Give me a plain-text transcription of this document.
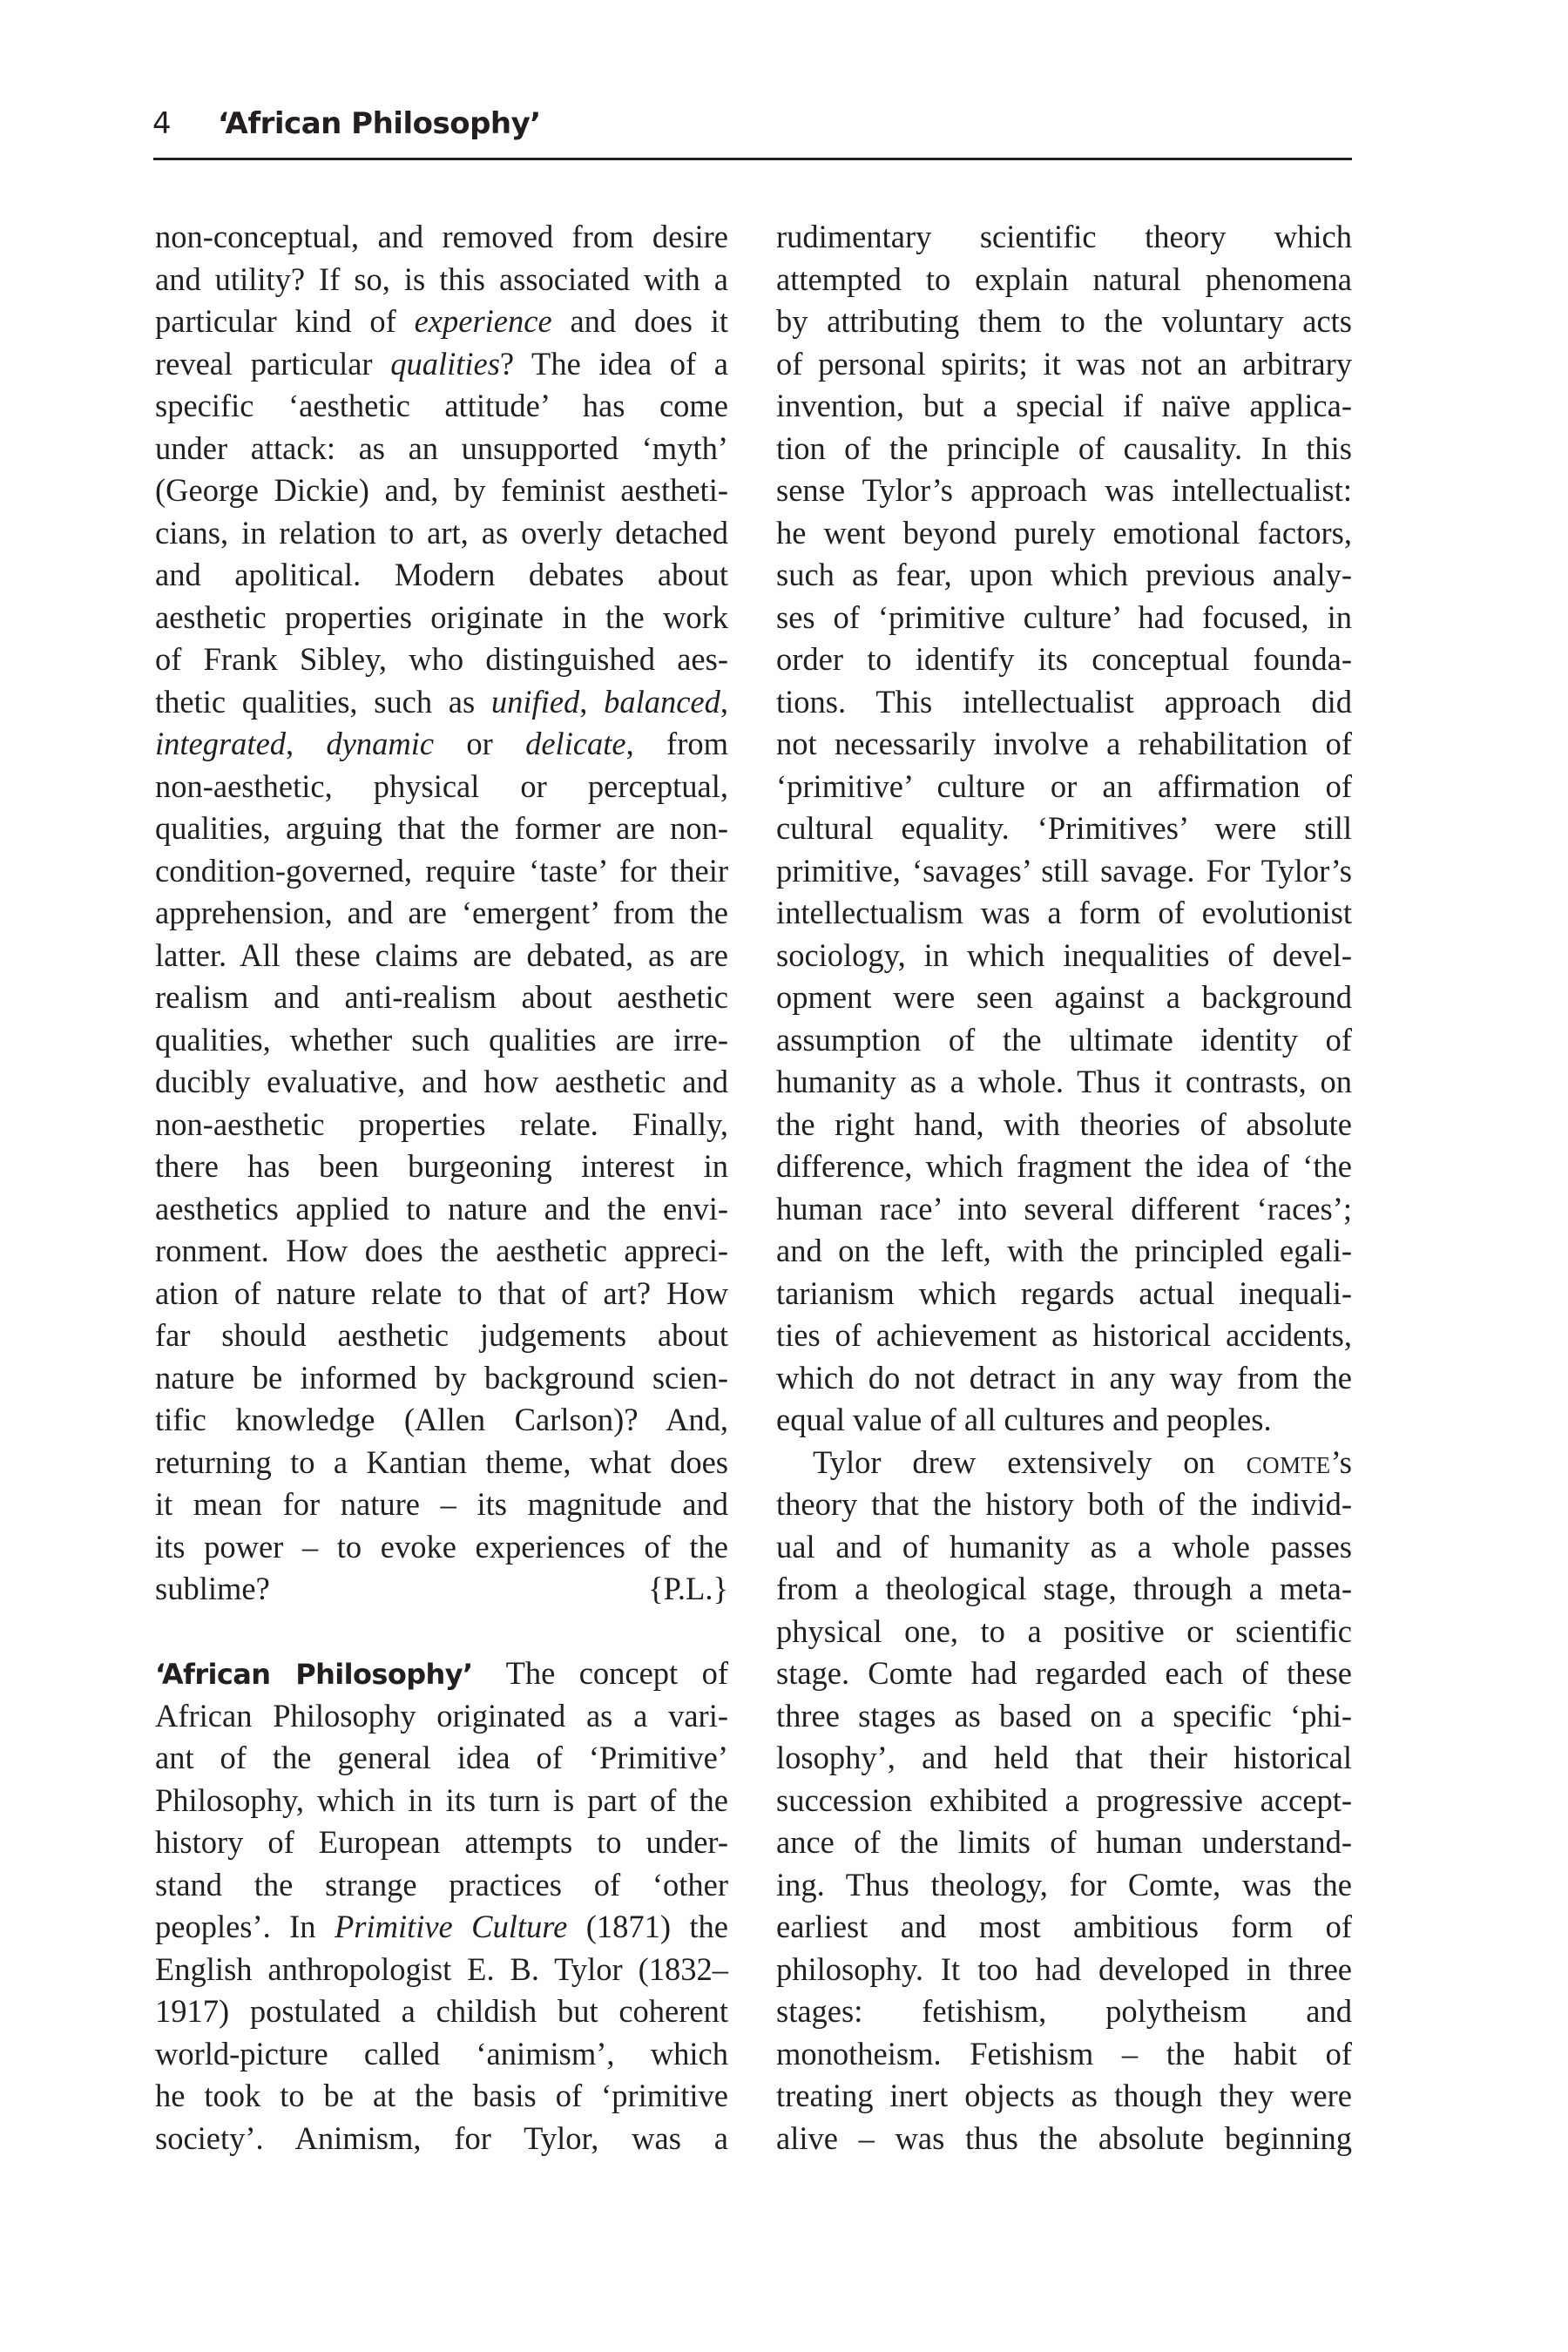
4 ‘African Philosophy’
non-conceptual, and removed from desire
and utility? If so, is this associated with a
particular kind of experience and does it
reveal particular qualities? The idea of a
specific ‘aesthetic attitude’ has come
under attack: as an unsupported ‘myth’
(George Dickie) and, by feminist aestheti-
cians, in relation to art, as overly detached
and apolitical. Modern debates about
aesthetic properties originate in the work
of Frank Sibley, who distinguished aes-
thetic qualities, such as unified, balanced,
integrated, dynamic or delicate, from
non-aesthetic, physical or perceptual,
qualities, arguing that the former are non-
condition-governed, require ‘taste’ for their
apprehension, and are ‘emergent’ from the
latter. All these claims are debated, as are
realism and anti-realism about aesthetic
qualities, whether such qualities are irre-
ducibly evaluative, and how aesthetic and
non-aesthetic properties relate. Finally,
there has been burgeoning interest in
aesthetics applied to nature and the envi-
ronment. How does the aesthetic appreci-
ation of nature relate to that of art? How
far should aesthetic judgements about
nature be informed by background scien-
tific knowledge (Allen Carlson)? And,
returning to a Kantian theme, what does
it mean for nature – its magnitude and
its power – to evoke experiences of the
sublime?	{P.L.}
‘African Philosophy’ The concept of
African Philosophy originated as a vari-
ant of the general idea of ‘Primitive’
Philosophy, which in its turn is part of the
history of European attempts to under-
stand the strange practices of ‘other
peoples’. In Primitive Culture (1871) the
English anthropologist E. B. Tylor (1832–
1917) postulated a childish but coherent
world-picture called ‘animism’, which
he took to be at the basis of ‘primitive
society’. Animism, for Tylor, was a
rudimentary scientific theory which
attempted to explain natural phenomena
by attributing them to the voluntary acts
of personal spirits; it was not an arbitrary
invention, but a special if naïve applica-
tion of the principle of causality. In this
sense Tylor’s approach was intellectualist:
he went beyond purely emotional factors,
such as fear, upon which previous analy-
ses of ‘primitive culture’ had focused, in
order to identify its conceptual founda-
tions. This intellectualist approach did
not necessarily involve a rehabilitation of
‘primitive’ culture or an affirmation of
cultural equality. ‘Primitives’ were still
primitive, ‘savages’ still savage. For Tylor’s
intellectualism was a form of evolutionist
sociology, in which inequalities of devel-
opment were seen against a background
assumption of the ultimate identity of
humanity as a whole. Thus it contrasts, on
the right hand, with theories of absolute
difference, which fragment the idea of ‘the
human race’ into several different ‘races’;
and on the left, with the principled egali-
tarianism which regards actual inequali-
ties of achievement as historical accidents,
which do not detract in any way from the
equal value of all cultures and peoples.
Tylor drew extensively on COMTE’s
theory that the history both of the individ-
ual and of humanity as a whole passes
from a theological stage, through a meta-
physical one, to a positive or scientific
stage. Comte had regarded each of these
three stages as based on a specific ‘phi-
losophy’, and held that their historical
succession exhibited a progressive accept-
ance of the limits of human understand-
ing. Thus theology, for Comte, was the
earliest and most ambitious form of
philosophy. It too had developed in three
stages: fetishism, polytheism and
monotheism. Fetishism – the habit of
treating inert objects as though they were
alive – was thus the absolute beginning
